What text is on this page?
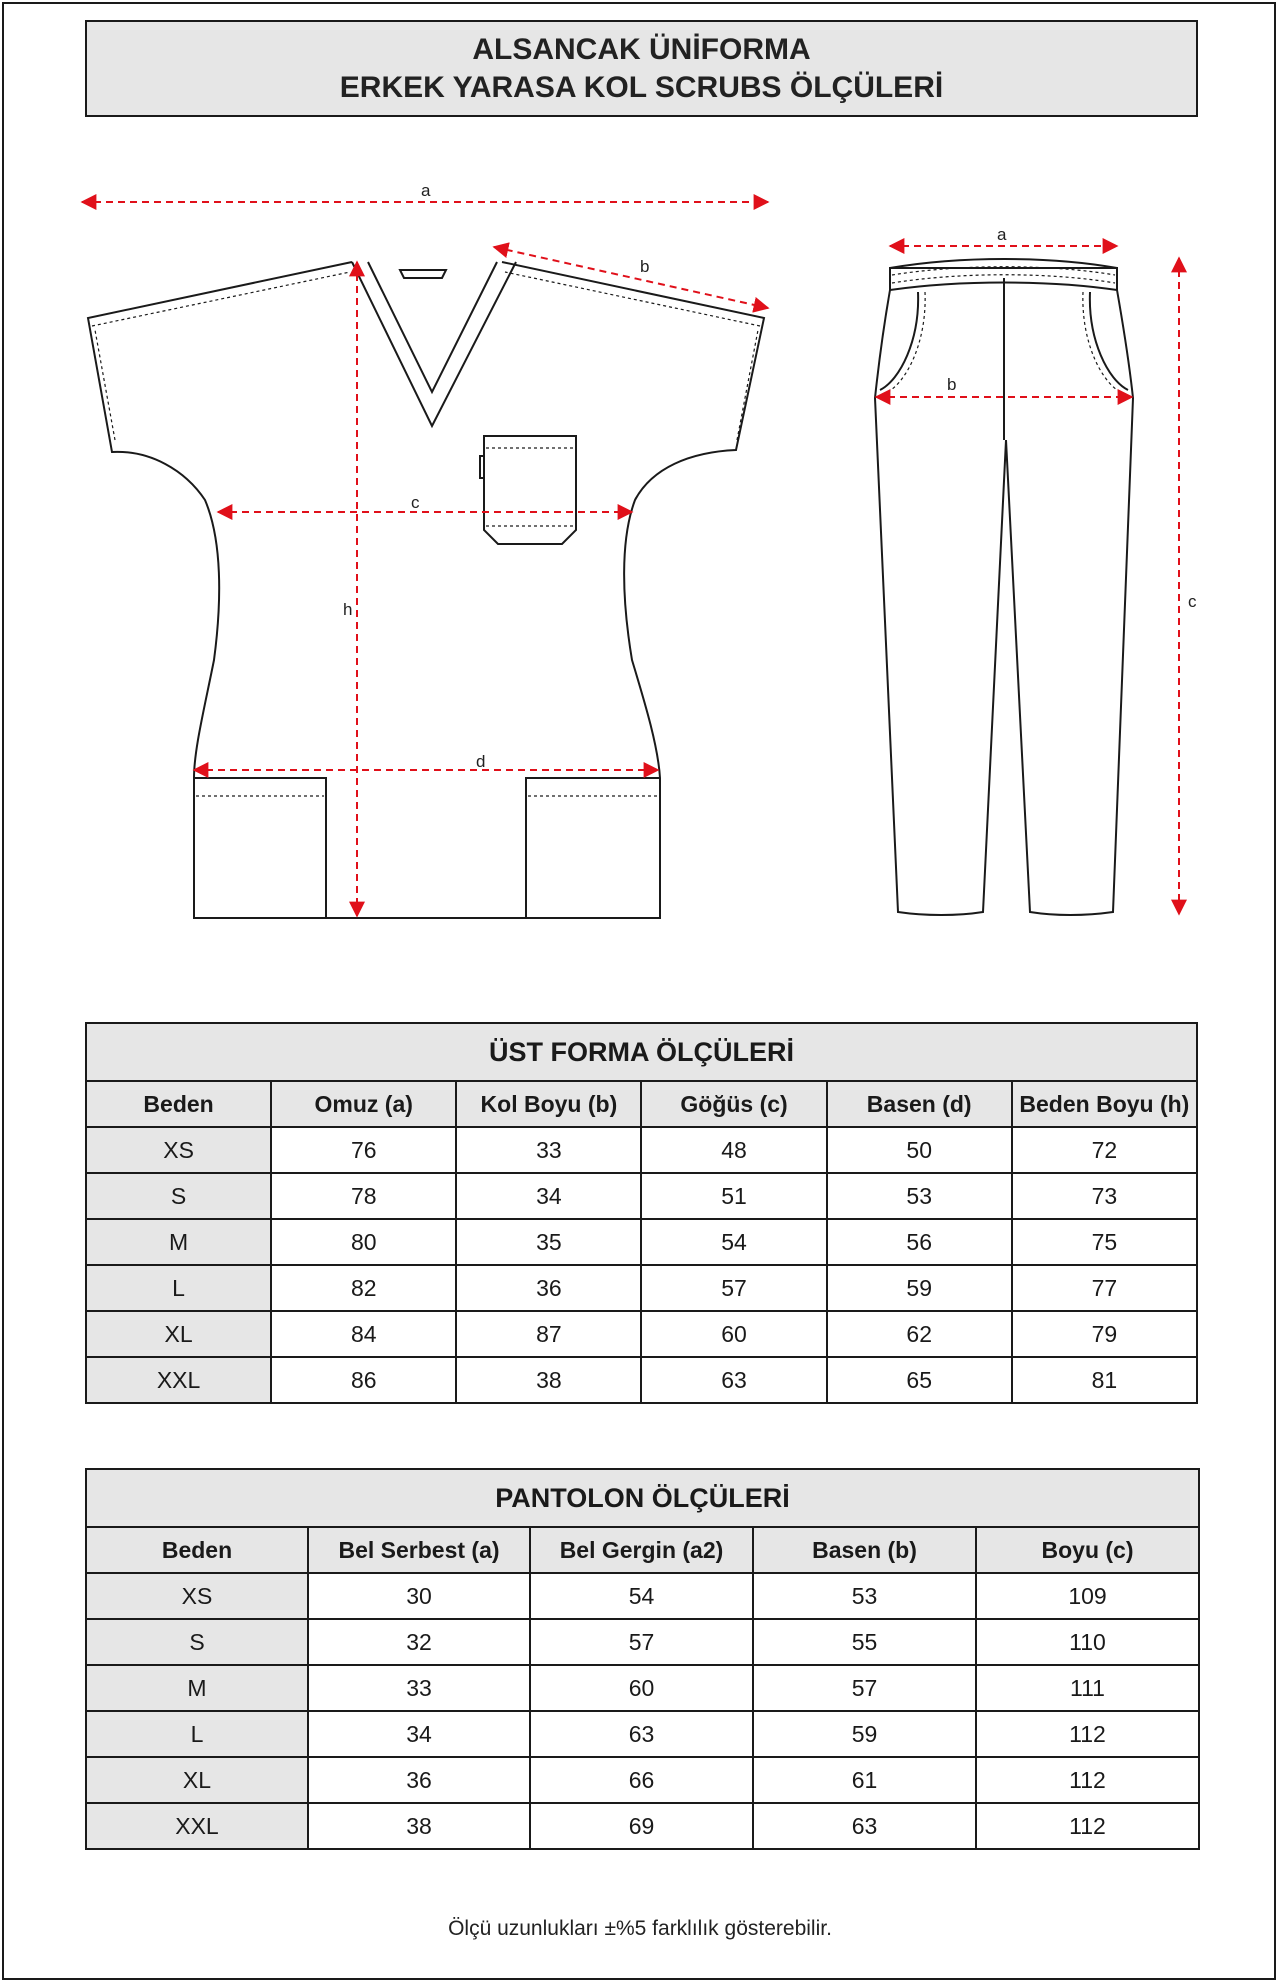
ALSANCAK ÜNİFORMA
ERKEK YARASA KOL SCRUBS ÖLÇÜLERİ
a
b
c
d
h
a
b
c
ÜST FORMA ÖLÇÜLERİ					
Beden	Omuz (a)	Kol Boyu (b)	Göğüs (c)	Basen (d)	Beden Boyu (h)
XS	76	33	48	50	72
S	78	34	51	53	73
M	80	35	54	56	75
L	82	36	57	59	77
XL	84	87	60	62	79
XXL	86	38	63	65	81
PANTOLON ÖLÇÜLERİ				
Beden	Bel Serbest (a)	Bel Gergin (a2)	Basen (b)	Boyu (c)
XS	30	54	53	109
S	32	57	55	110
M	33	60	57	111
L	34	63	59	112
XL	36	66	61	112
XXL	38	69	63	112
Ölçü uzunlukları ±%5 farklılık gösterebilir.
